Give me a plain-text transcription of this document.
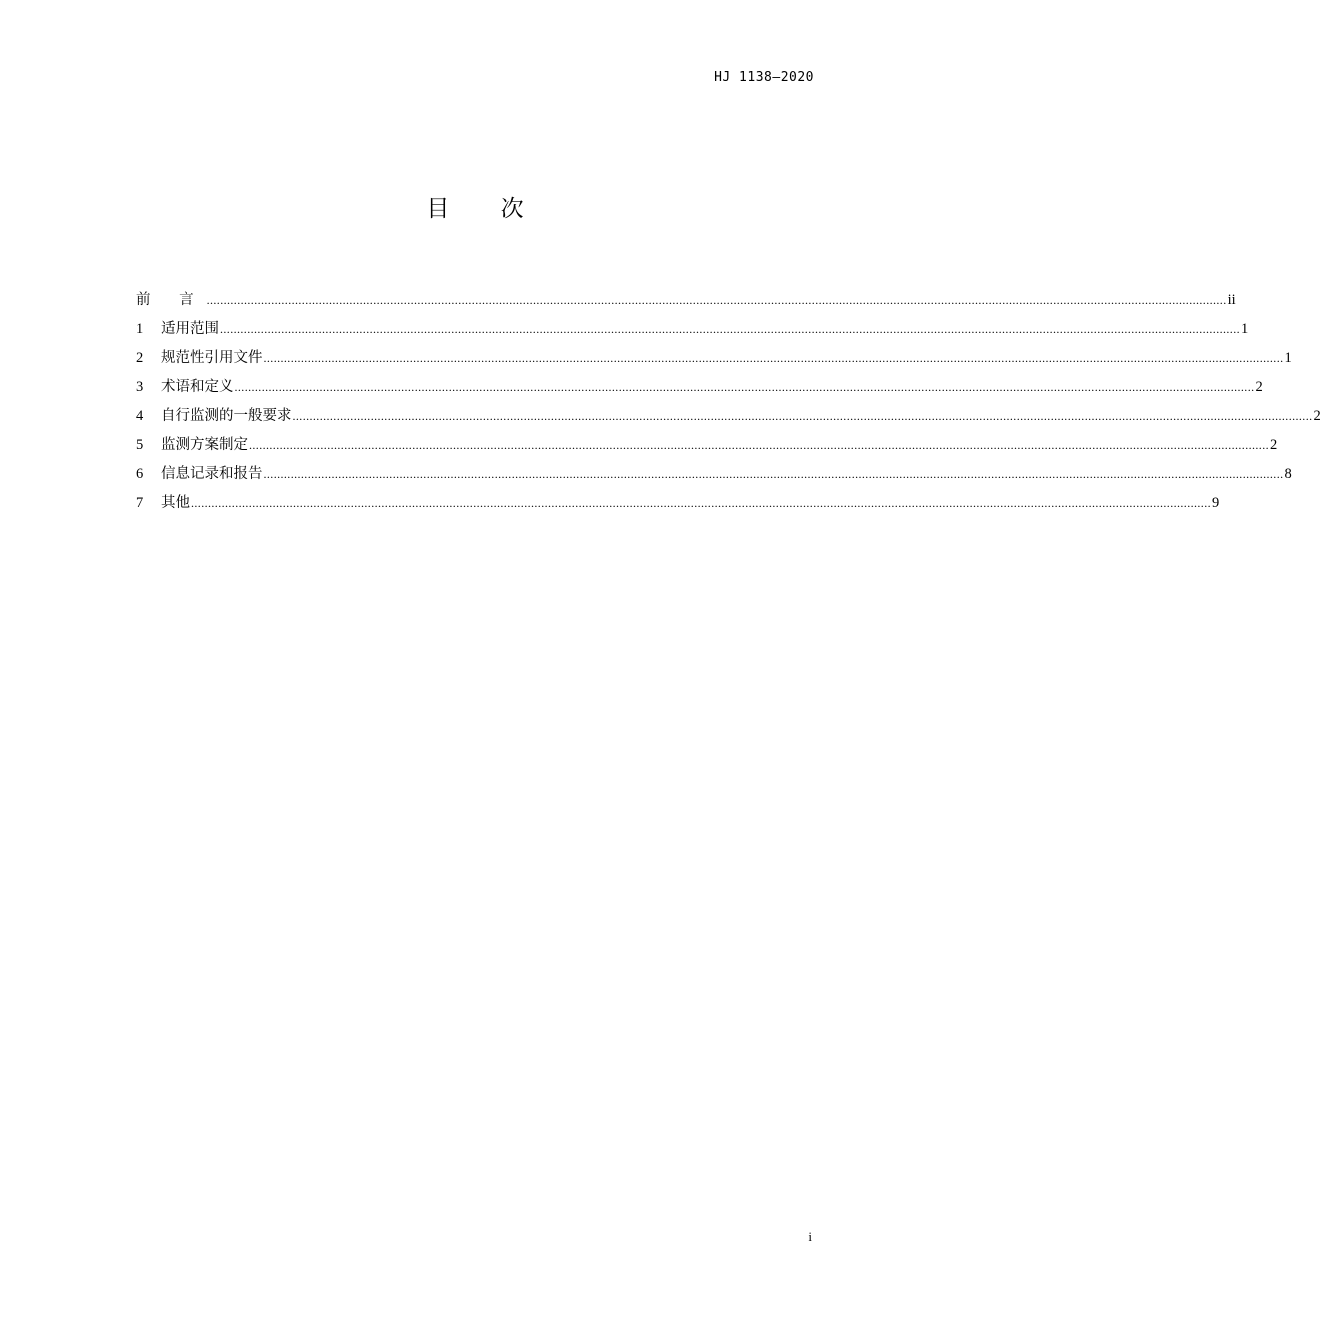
HJ 1138—2020
目 次
前 言 ............................................................................................................................................................................................................................................................................................................ ii
1	适用范围 ............................................................................................................................................................................................................................................................................................................ 1
2	规范性引用文件 ............................................................................................................................................................................................................................................................................................................ 1
3	术语和定义 ............................................................................................................................................................................................................................................................................................................ 2
4	自行监测的一般要求 ............................................................................................................................................................................................................................................................................................................ 2
5	监测方案制定 ............................................................................................................................................................................................................................................................................................................ 2
6	信息记录和报告 ............................................................................................................................................................................................................................................................................................................ 8
7	其他 ............................................................................................................................................................................................................................................................................................................ 9
i
